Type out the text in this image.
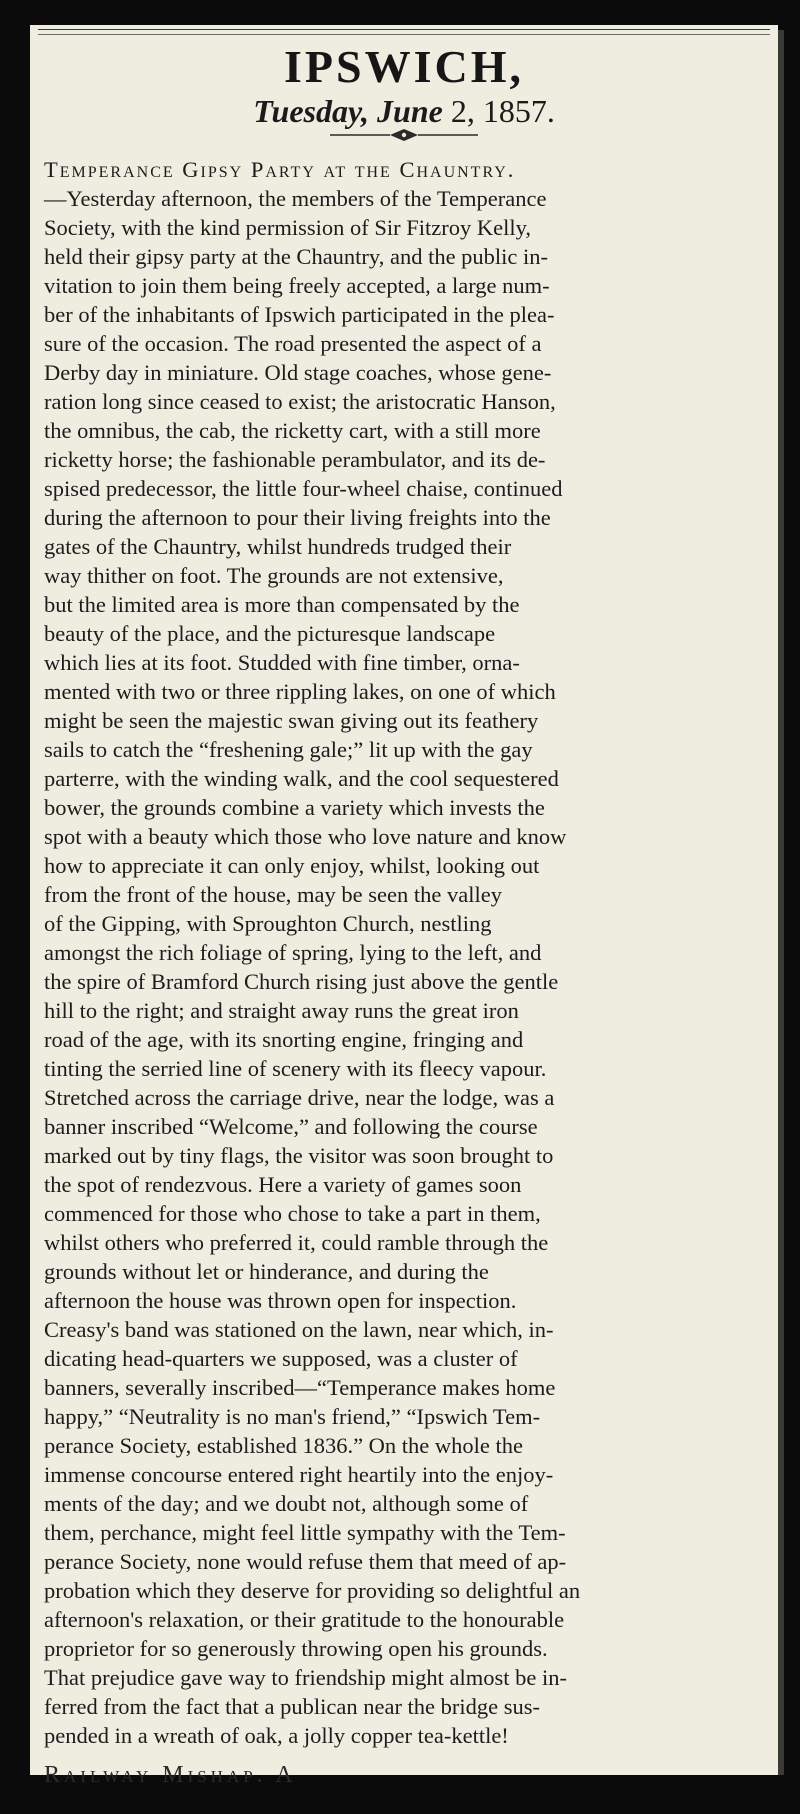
IPSWICH,
Tuesday, June 2, 1857.
Temperance Gipsy Party at the Chauntry.
—Yesterday afternoon, the members of the Temperance
Society, with the kind permission of Sir Fitzroy Kelly,
held their gipsy party at the Chauntry, and the public in-
vitation to join them being freely accepted, a large num-
ber of the inhabitants of Ipswich participated in the plea-
sure of the occasion. The road presented the aspect of a
Derby day in miniature. Old stage coaches, whose gene-
ration long since ceased to exist; the aristocratic Hanson,
the omnibus, the cab, the ricketty cart, with a still more
ricketty horse; the fashionable perambulator, and its de-
spised predecessor, the little four-wheel chaise, continued
during the afternoon to pour their living freights into the
gates of the Chauntry, whilst hundreds trudged their
way thither on foot. The grounds are not extensive,
but the limited area is more than compensated by the
beauty of the place, and the picturesque landscape
which lies at its foot. Studded with fine timber, orna-
mented with two or three rippling lakes, on one of which
might be seen the majestic swan giving out its feathery
sails to catch the “freshening gale;” lit up with the gay
parterre, with the winding walk, and the cool sequestered
bower, the grounds combine a variety which invests the
spot with a beauty which those who love nature and know
how to appreciate it can only enjoy, whilst, looking out
from the front of the house, may be seen the valley
of the Gipping, with Sproughton Church, nestling
amongst the rich foliage of spring, lying to the left, and
the spire of Bramford Church rising just above the gentle
hill to the right; and straight away runs the great iron
road of the age, with its snorting engine, fringing and
tinting the serried line of scenery with its fleecy vapour.
Stretched across the carriage drive, near the lodge, was a
banner inscribed “Welcome,” and following the course
marked out by tiny flags, the visitor was soon brought to
the spot of rendezvous. Here a variety of games soon
commenced for those who chose to take a part in them,
whilst others who preferred it, could ramble through the
grounds without let or hinderance, and during the
afternoon the house was thrown open for inspection.
Creasy's band was stationed on the lawn, near which, in-
dicating head-quarters we supposed, was a cluster of
banners, severally inscribed—“Temperance makes home
happy,” “Neutrality is no man's friend,” “Ipswich Tem-
perance Society, established 1836.” On the whole the
immense concourse entered right heartily into the enjoy-
ments of the day; and we doubt not, although some of
them, perchance, might feel little sympathy with the Tem-
perance Society, none would refuse them that meed of ap-
probation which they deserve for providing so delightful an
afternoon's relaxation, or their gratitude to the honourable
proprietor for so generously throwing open his grounds.
That prejudice gave way to friendship might almost be in-
ferred from the fact that a publican near the bridge sus-
pended in a wreath of oak, a jolly copper tea-kettle!
Railway Mishap. A
